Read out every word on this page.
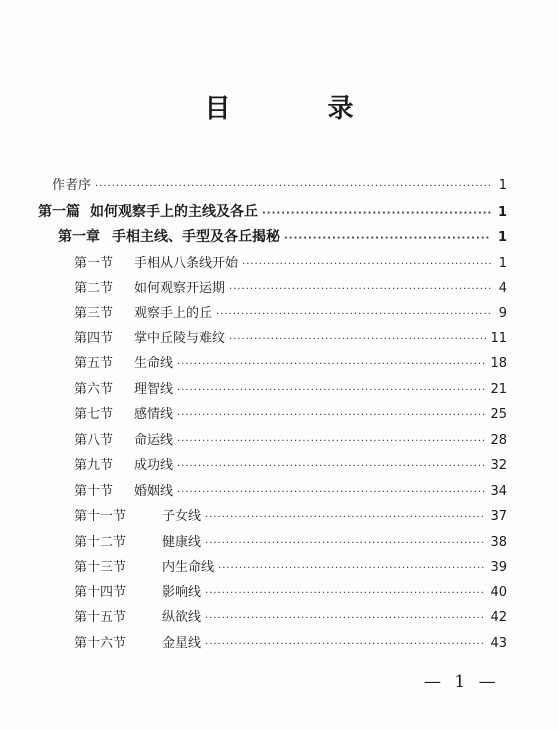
目 录
作者序 ·····	1
第一篇 如何观察手上的主线及各丘 ·····	1
第一章 手相主线、手型及各丘揭秘 ·····	1
第一节	手相从八条线开始 ·····	1
第二节	如何观察开运期 ·····	4
第三节	观察手上的丘 ·····	9
第四节	掌中丘陵与难纹 ·····	11
第五节	生命线 ·····	18
第六节	理智线 ·····	21
第七节	感情线 ·····	25
第八节	命运线 ·····	28
第九节	成功线 ·····	32
第十节	婚姻线 ·····	34
第十一节	子女线 ·····	37
第十二节	健康线 ·····	38
第十三节	内生命线 ·····	39
第十四节	影响线 ·····	40
第十五节	纵欲线 ·····	42
第十六节	金星线 ·····	43
— 1 —
